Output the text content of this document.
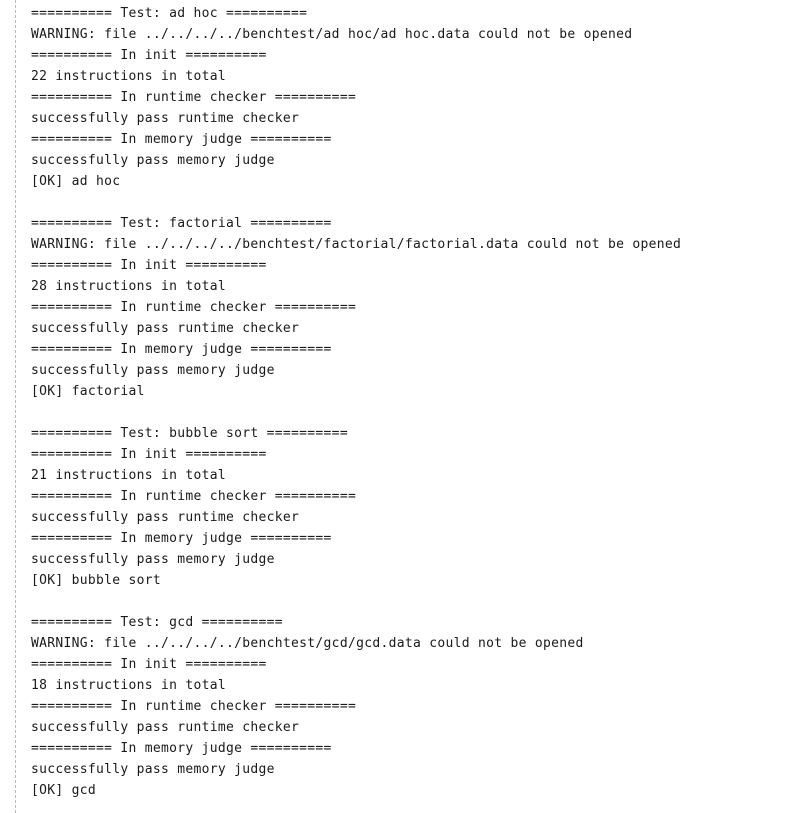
========== Test: ad hoc ==========
WARNING: file ../../../../benchtest/ad hoc/ad hoc.data could not be opened
========== In init ==========
22 instructions in total
========== In runtime checker ==========
successfully pass runtime checker
========== In memory judge ==========
successfully pass memory judge
[OK] ad hoc
========== Test: factorial ==========
WARNING: file ../../../../benchtest/factorial/factorial.data could not be opened
========== In init ==========
28 instructions in total
========== In runtime checker ==========
successfully pass runtime checker
========== In memory judge ==========
successfully pass memory judge
[OK] factorial
========== Test: bubble sort ==========
========== In init ==========
21 instructions in total
========== In runtime checker ==========
successfully pass runtime checker
========== In memory judge ==========
successfully pass memory judge
[OK] bubble sort
========== Test: gcd ==========
WARNING: file ../../../../benchtest/gcd/gcd.data could not be opened
========== In init ==========
18 instructions in total
========== In runtime checker ==========
successfully pass runtime checker
========== In memory judge ==========
successfully pass memory judge
[OK] gcd
